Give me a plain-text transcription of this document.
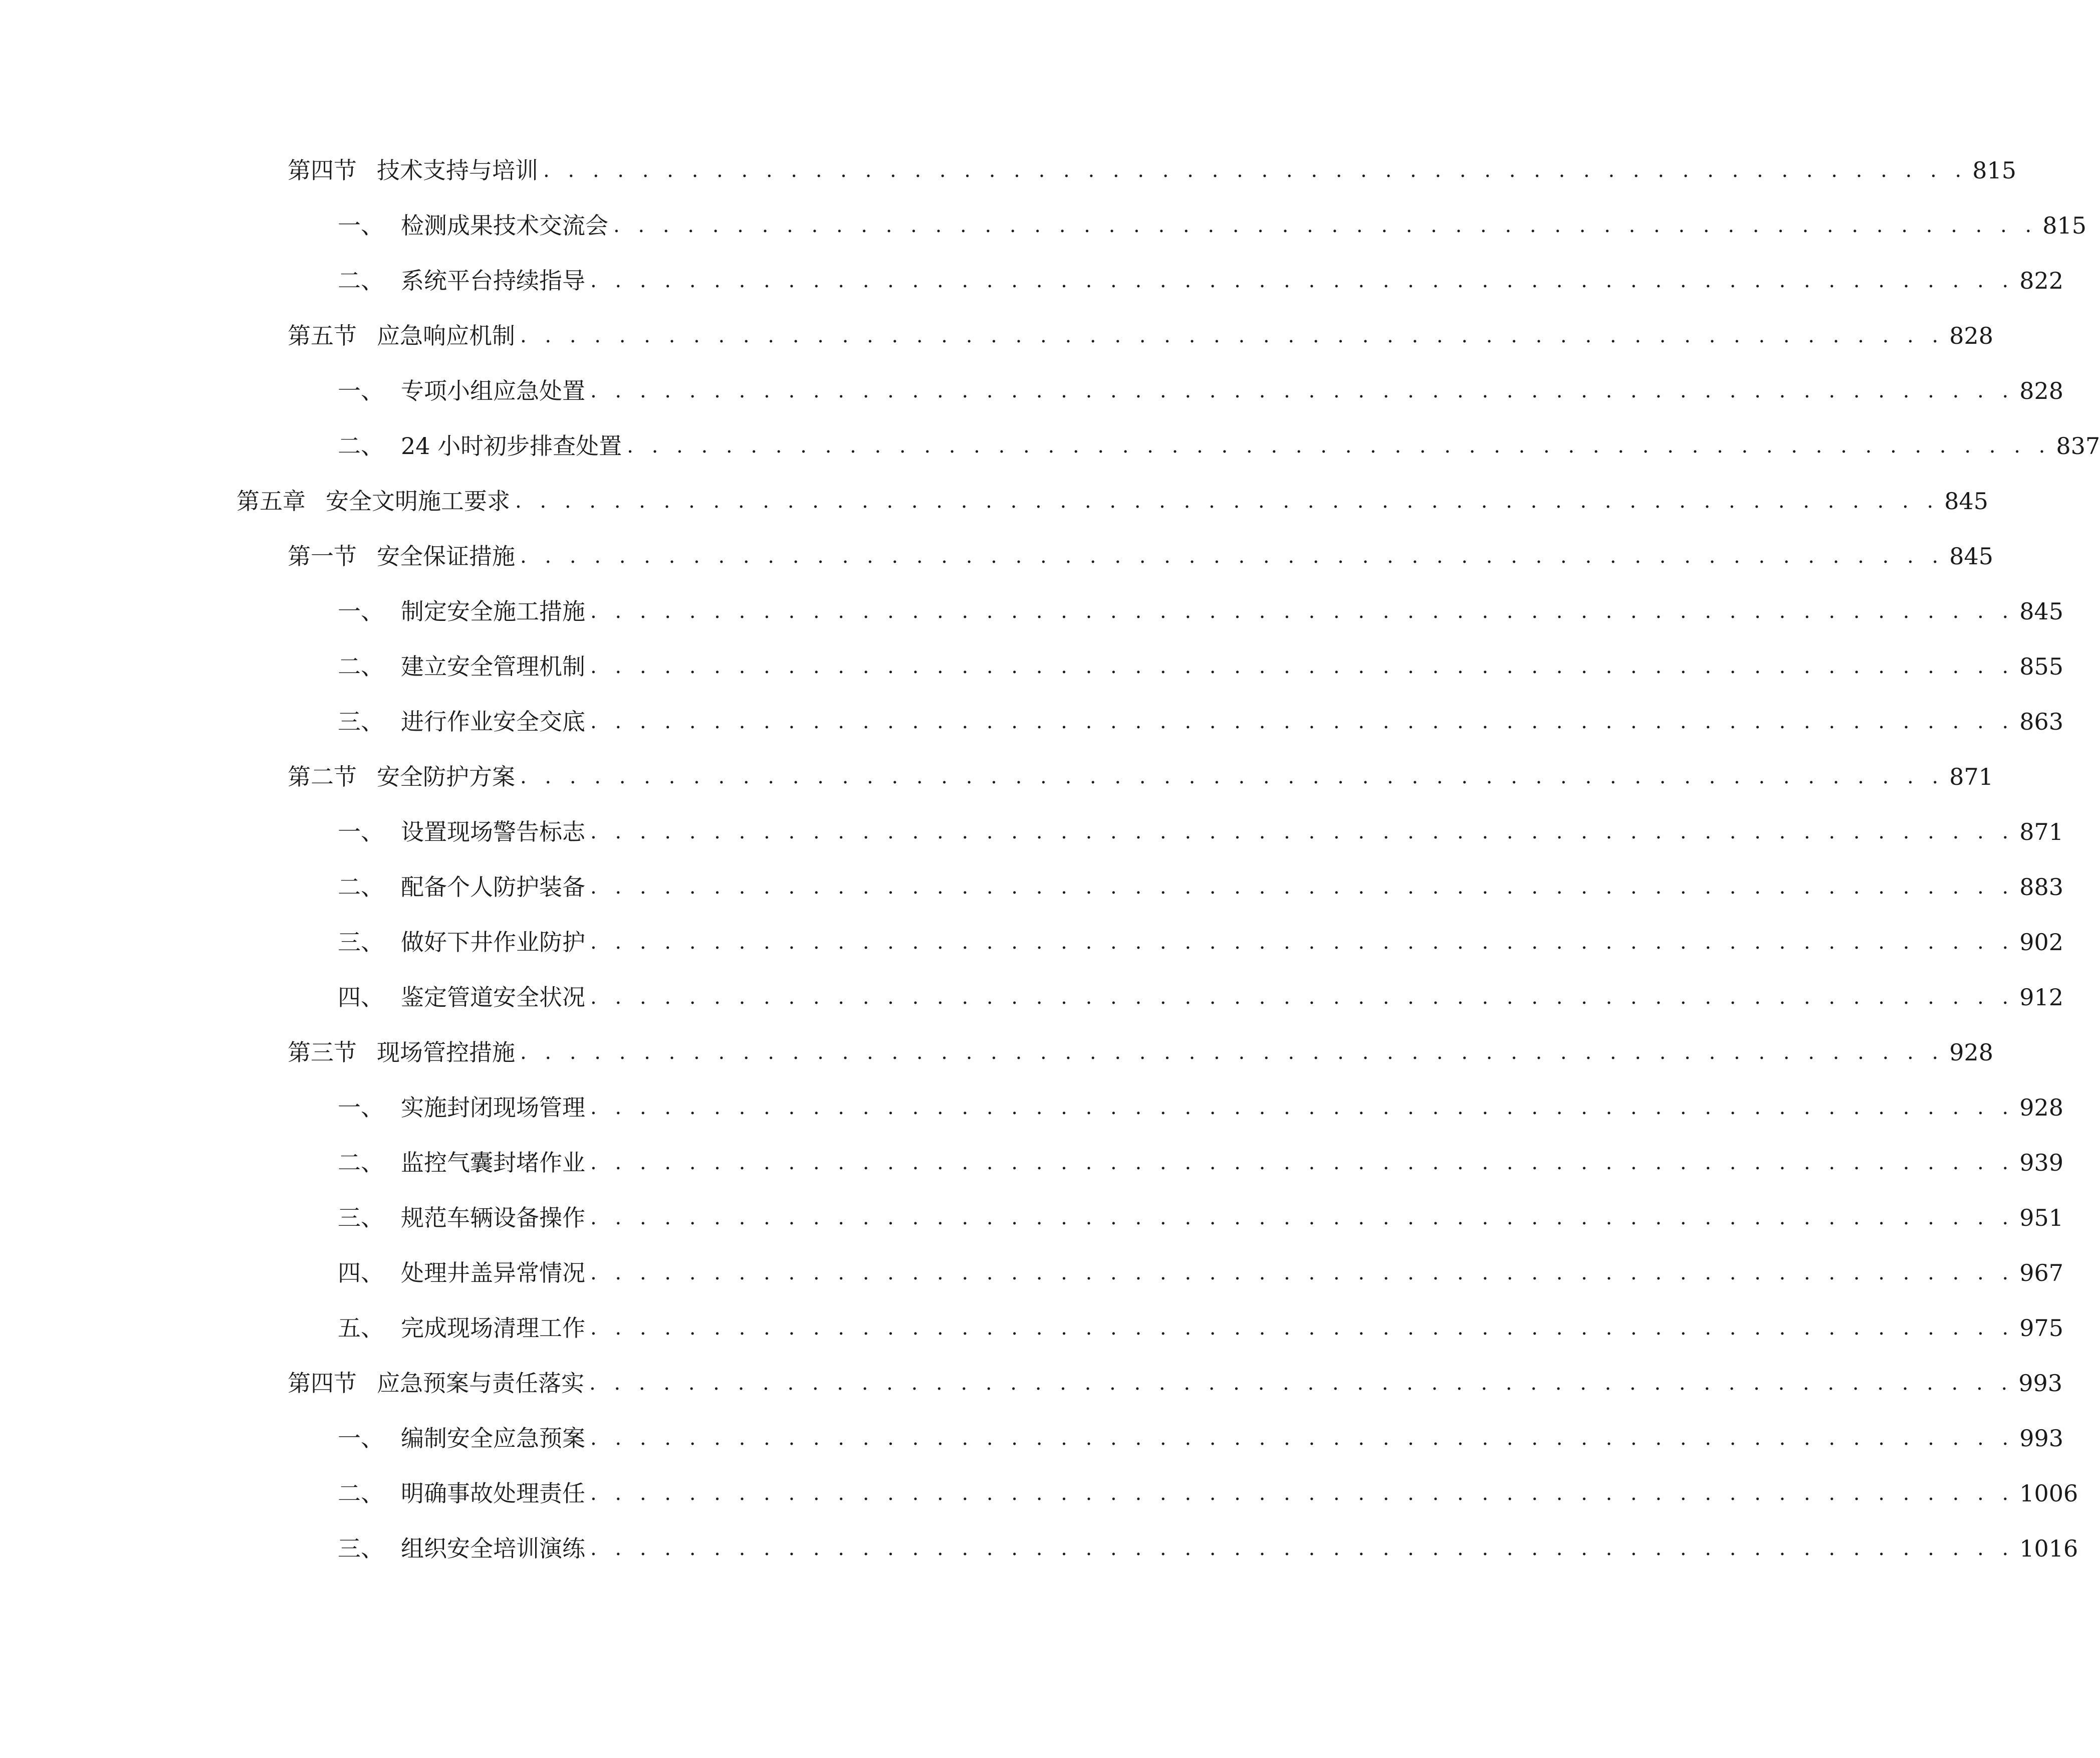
第四节 技术支持与培训 . . . . . . . . . . . . . . . . . . . . . . . . . . . . . . . . . . . . . . . . . . . . . . . . . . . . . . . . . . 815
一、 检测成果技术交流会 . . . . . . . . . . . . . . . . . . . . . . . . . . . . . . . . . . . . . . . . . . . . . . . . . . . . . . . . . . 815
二、 系统平台持续指导 . . . . . . . . . . . . . . . . . . . . . . . . . . . . . . . . . . . . . . . . . . . . . . . . . . . . . . . . . . 822
第五节 应急响应机制 . . . . . . . . . . . . . . . . . . . . . . . . . . . . . . . . . . . . . . . . . . . . . . . . . . . . . . . . . . 828
一、 专项小组应急处置 . . . . . . . . . . . . . . . . . . . . . . . . . . . . . . . . . . . . . . . . . . . . . . . . . . . . . . . . . . 828
二、 24 小时初步排查处置 . . . . . . . . . . . . . . . . . . . . . . . . . . . . . . . . . . . . . . . . . . . . . . . . . . . . . . . . . . 837
第五章 安全文明施工要求 . . . . . . . . . . . . . . . . . . . . . . . . . . . . . . . . . . . . . . . . . . . . . . . . . . . . . . . . . . 845
第一节 安全保证措施 . . . . . . . . . . . . . . . . . . . . . . . . . . . . . . . . . . . . . . . . . . . . . . . . . . . . . . . . . . 845
一、 制定安全施工措施 . . . . . . . . . . . . . . . . . . . . . . . . . . . . . . . . . . . . . . . . . . . . . . . . . . . . . . . . . . 845
二、 建立安全管理机制 . . . . . . . . . . . . . . . . . . . . . . . . . . . . . . . . . . . . . . . . . . . . . . . . . . . . . . . . . . 855
三、 进行作业安全交底 . . . . . . . . . . . . . . . . . . . . . . . . . . . . . . . . . . . . . . . . . . . . . . . . . . . . . . . . . . 863
第二节 安全防护方案 . . . . . . . . . . . . . . . . . . . . . . . . . . . . . . . . . . . . . . . . . . . . . . . . . . . . . . . . . . 871
一、 设置现场警告标志 . . . . . . . . . . . . . . . . . . . . . . . . . . . . . . . . . . . . . . . . . . . . . . . . . . . . . . . . . . 871
二、 配备个人防护装备 . . . . . . . . . . . . . . . . . . . . . . . . . . . . . . . . . . . . . . . . . . . . . . . . . . . . . . . . . . 883
三、 做好下井作业防护 . . . . . . . . . . . . . . . . . . . . . . . . . . . . . . . . . . . . . . . . . . . . . . . . . . . . . . . . . . 902
四、 鉴定管道安全状况 . . . . . . . . . . . . . . . . . . . . . . . . . . . . . . . . . . . . . . . . . . . . . . . . . . . . . . . . . . 912
第三节 现场管控措施 . . . . . . . . . . . . . . . . . . . . . . . . . . . . . . . . . . . . . . . . . . . . . . . . . . . . . . . . . . 928
一、 实施封闭现场管理 . . . . . . . . . . . . . . . . . . . . . . . . . . . . . . . . . . . . . . . . . . . . . . . . . . . . . . . . . . 928
二、 监控气囊封堵作业 . . . . . . . . . . . . . . . . . . . . . . . . . . . . . . . . . . . . . . . . . . . . . . . . . . . . . . . . . . 939
三、 规范车辆设备操作 . . . . . . . . . . . . . . . . . . . . . . . . . . . . . . . . . . . . . . . . . . . . . . . . . . . . . . . . . . 951
四、 处理井盖异常情况 . . . . . . . . . . . . . . . . . . . . . . . . . . . . . . . . . . . . . . . . . . . . . . . . . . . . . . . . . . 967
五、 完成现场清理工作 . . . . . . . . . . . . . . . . . . . . . . . . . . . . . . . . . . . . . . . . . . . . . . . . . . . . . . . . . . 975
第四节 应急预案与责任落实 . . . . . . . . . . . . . . . . . . . . . . . . . . . . . . . . . . . . . . . . . . . . . . . . . . . . . . . . . . 993
一、 编制安全应急预案 . . . . . . . . . . . . . . . . . . . . . . . . . . . . . . . . . . . . . . . . . . . . . . . . . . . . . . . . . . 993
二、 明确事故处理责任 . . . . . . . . . . . . . . . . . . . . . . . . . . . . . . . . . . . . . . . . . . . . . . . . . . . . . . . . . . 1006
三、 组织安全培训演练 . . . . . . . . . . . . . . . . . . . . . . . . . . . . . . . . . . . . . . . . . . . . . . . . . . . . . . . . . . 1016
